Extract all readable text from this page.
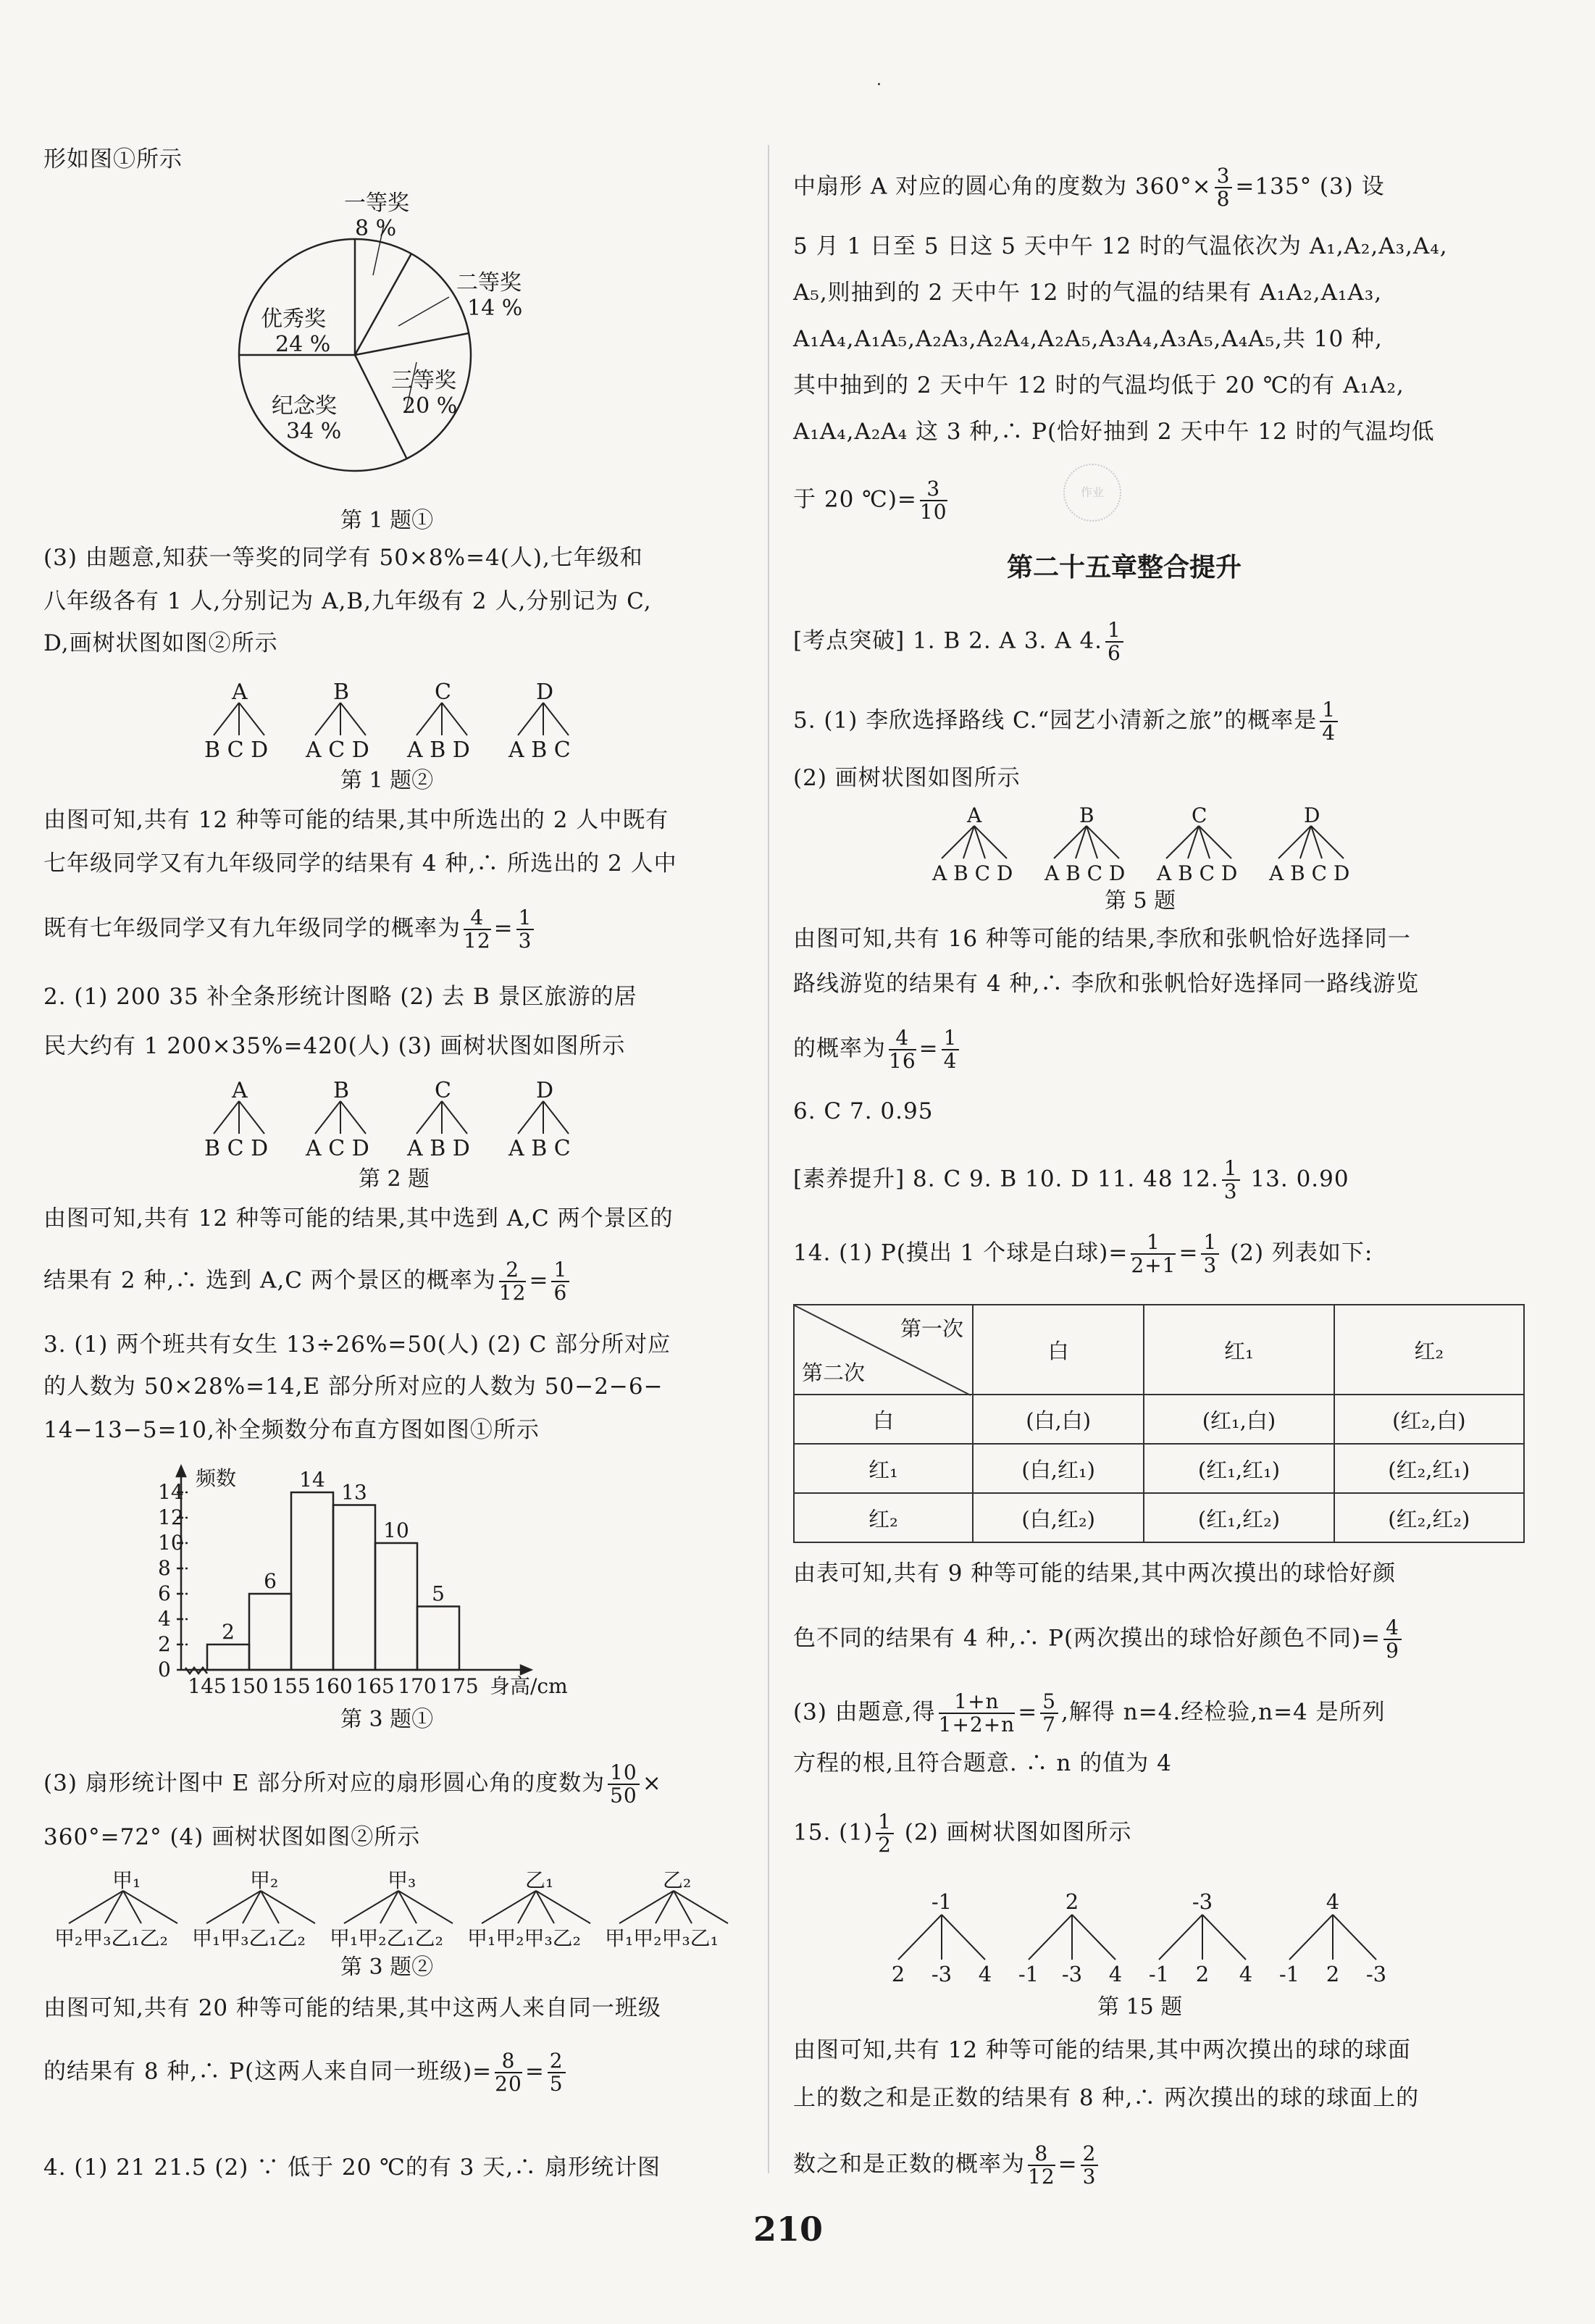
·
形如图①所示
一等奖
8 %
二等奖
14 %
三等奖
20 %
纪念奖
34 %
优秀奖
24 %
第 1 题①
(3) 由题意,知获一等奖的同学有 50×8%=4(人),七年级和
八年级各有 1 人,分别记为 A,B,九年级有 2 人,分别记为 C,
D,画树状图如图②所示
A	B	C	D
B C D A C D A B D A B C
第 1 题②
由图可知,共有 12 种等可能的结果,其中所选出的 2 人中既有
七年级同学又有九年级同学的结果有 4 种,∴ 所选出的 2 人中
既有七年级同学又有九年级同学的概率为 $\frac{4}{12} = \frac{1}{3}$
2. (1) 200 35 补全条形统计图略 (2) 去 B 景区旅游的居
民大约有 1 200×35%=420(人) (3) 画树状图如图所示
A	B	C	D
B C D A C D A B D A B C
第 2 题
由图可知,共有 12 种等可能的结果,其中选到 A,C 两个景区的
结果有 2 种,∴ 选到 A,C 两个景区的概率为 $\frac{2}{12} = \frac{1}{6}$
3. (1) 两个班共有女生 13÷26%=50(人) (2) C 部分所对应
的人数为 50×28%=14,E 部分所对应的人数为 50−2−6−
14−13−5=10,补全频数分布直方图如图①所示
0
2
4
6
8
10
12
14
2
6
14
13
10
5
145 150 155 160 165 170 175
频数
身高/cm
第 3 题①
(3) 扇形统计图中 E 部分所对应的扇形圆心角的度数为 $\frac{10}{50}$ ×
360°=72° (4) 画树状图如图②所示
甲₁	甲₂	甲₃	乙₁	乙₂
甲₂甲₃乙₁乙₂ 甲₁甲₃乙₁乙₂ 甲₁甲₂乙₁乙₂ 甲₁甲₂甲₃乙₂ 甲₁甲₂甲₃乙₁
第 3 题②
由图可知,共有 20 种等可能的结果,其中这两人来自同一班级
的结果有 8 种,∴ P(这两人来自同一班级)= $\frac{8}{20} = \frac{2}{5}$
4. (1) 21 21.5 (2) ∵ 低于 20 ℃的有 3 天,∴ 扇形统计图
中扇形 A 对应的圆心角的度数为 $360^\circ\times \frac{3}{8} =135^\circ$ (3) 设
5 月 1 日至 5 日这 5 天中午 12 时的气温依次为 A₁,A₂,A₃,A₄,
A₅,则抽到的 2 天中午 12 时的气温的结果有 A₁A₂,A₁A₃,
A₁A₄,A₁A₅,A₂A₃,A₂A₄,A₂A₅,A₃A₄,A₃A₅,A₄A₅,共 10 种,
其中抽到的 2 天中午 12 时的气温均低于 20 ℃的有 A₁A₂,
A₁A₄,A₂A₄ 这 3 种,∴ P(恰好抽到 2 天中午 12 时的气温均低
于 20 ℃)= $\frac{3}{10}$	作业
第二十五章整合提升
[考点突破] 1. B 2. A 3. A 4. $\frac{1}{6}$
5. (1) 李欣选择路线 C.“园艺小清新之旅”的概率是 $\frac{1}{4}$
(2) 画树状图如图所示
A	B	C	D
A B C D A B C D A B C D A B C D
第 5 题
由图可知,共有 16 种等可能的结果,李欣和张帆恰好选择同一
路线游览的结果有 4 种,∴ 李欣和张帆恰好选择同一路线游览
的概率为 $\frac{4}{16} = \frac{1}{4}$
6. C 7. 0.95
[素养提升] 8. C 9. B 10. D 11. 48 12. $\frac{1}{3} 13$. 0.90
14. (1) P(摸出 1 个球是白球)= $\frac{1}{2+1} = \frac{1}{3} (2)$ 列表如下:
第一次
第二次	白	红₁	红₂
白	(白,白)	(红₁,白)	(红₂,白)
红₁	(白,红₁)	(红₁,红₁)	(红₂,红₁)
红₂	(白,红₂)	(红₁,红₂)	(红₂,红₂)
由表可知,共有 9 种等可能的结果,其中两次摸出的球恰好颜
色不同的结果有 4 种,∴ P(两次摸出的球恰好颜色不同)= $\frac{4}{9}$
(3) 由题意,得 $\frac{1+n}{1+2+n} = \frac{5}{7}$ ,解得 n=4.经检验,n=4 是所列
方程的根,且符合题意. ∴ n 的值为 4
15. $(1) \frac{1}{2} (2)$ 画树状图如图所示
-1	2	-3	4
2 -3 4 -1 -3 4 -1 2 4 -1 2 -3
第 15 题
由图可知,共有 12 种等可能的结果,其中两次摸出的球的球面
上的数之和是正数的结果有 8 种,∴ 两次摸出的球的球面上的
数之和是正数的概率为 $\frac{8}{12} = \frac{2}{3}$
210
